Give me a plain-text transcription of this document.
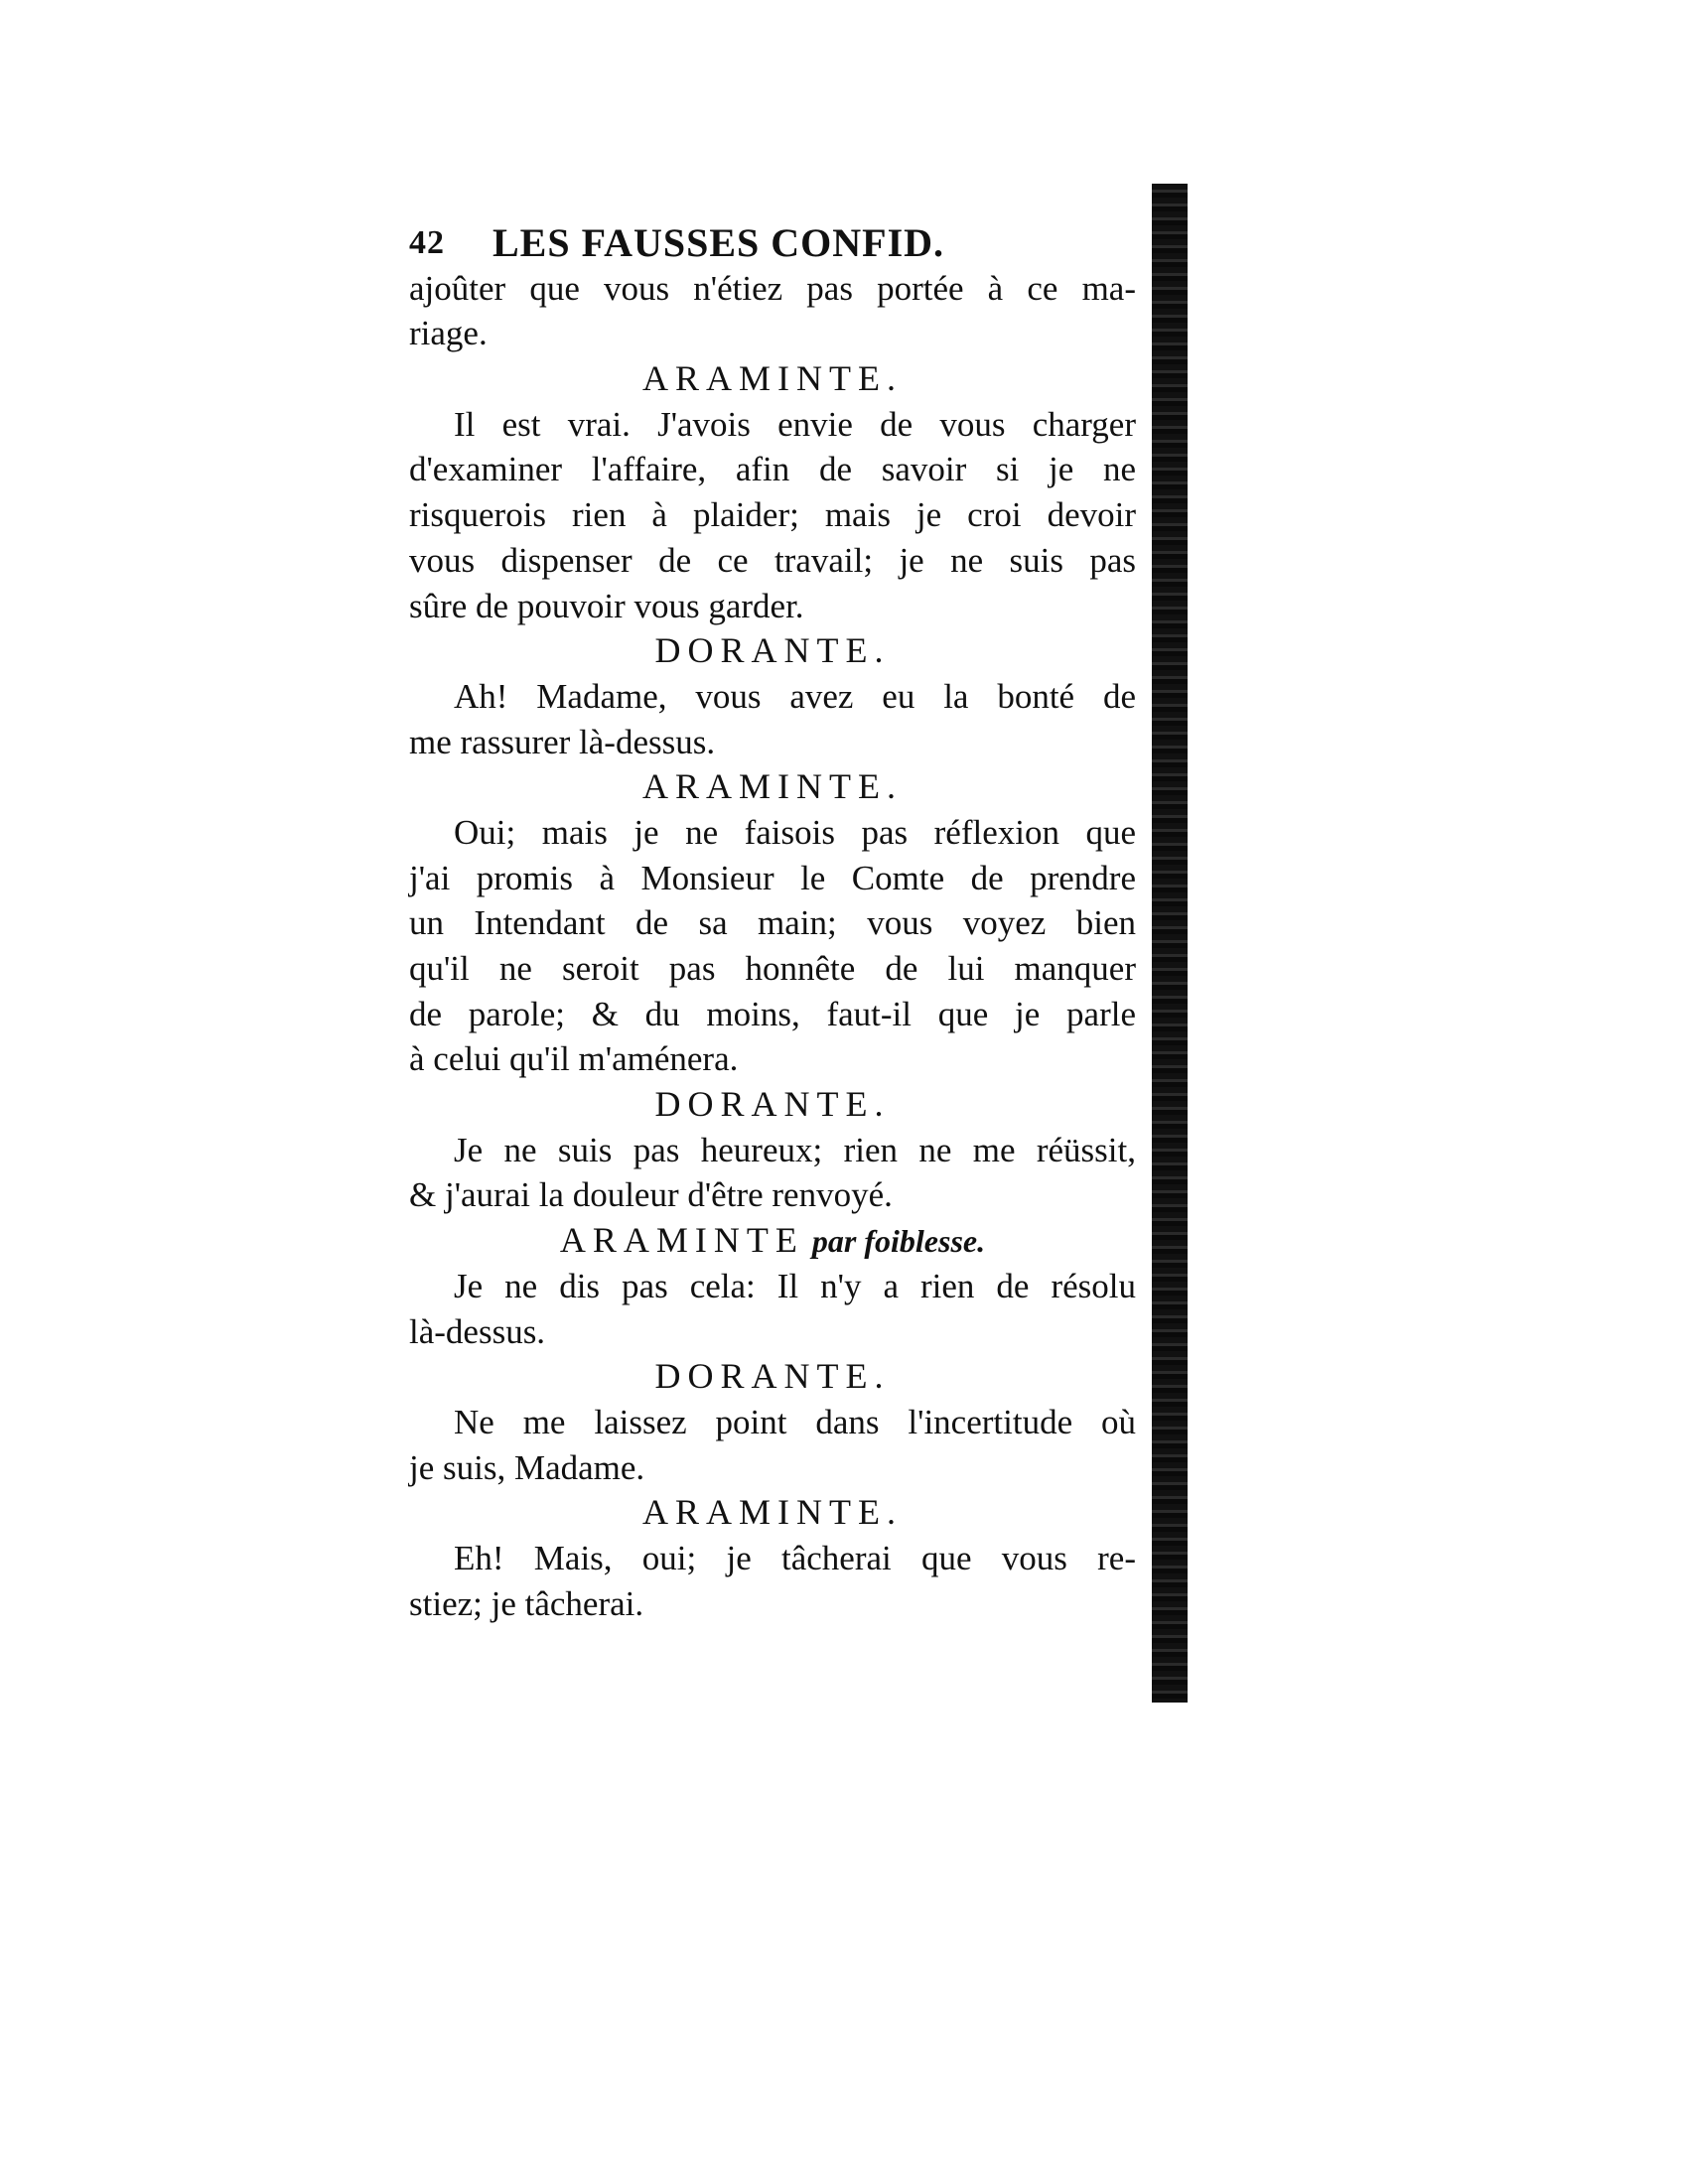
42	LES FAUSSES CONFID.
ajoûter que vous n'étiez pas portée à ce ma-
riage.
ARAMINTE.
Il est vrai. J'avois envie de vous charger
d'examiner l'affaire, afin de savoir si je ne
risquerois rien à plaider; mais je croi devoir
vous dispenser de ce travail; je ne suis pas
sûre de pouvoir vous garder.
DORANTE.
Ah! Madame, vous avez eu la bonté de
me rassurer là-dessus.
ARAMINTE.
Oui; mais je ne faisois pas réflexion que
j'ai promis à Monsieur le Comte de prendre
un Intendant de sa main; vous voyez bien
qu'il ne seroit pas honnête de lui manquer
de parole; & du moins, faut-il que je parle
à celui qu'il m'aménera.
DORANTE.
Je ne suis pas heureux; rien ne me réüssit,
& j'aurai la douleur d'être renvoyé.
ARAMINTE par foiblesse.
Je ne dis pas cela: Il n'y a rien de résolu
là-dessus.
DORANTE.
Ne me laissez point dans l'incertitude où
je suis, Madame.
ARAMINTE.
Eh! Mais, oui; je tâcherai que vous re-
stiez; je tâcherai.
